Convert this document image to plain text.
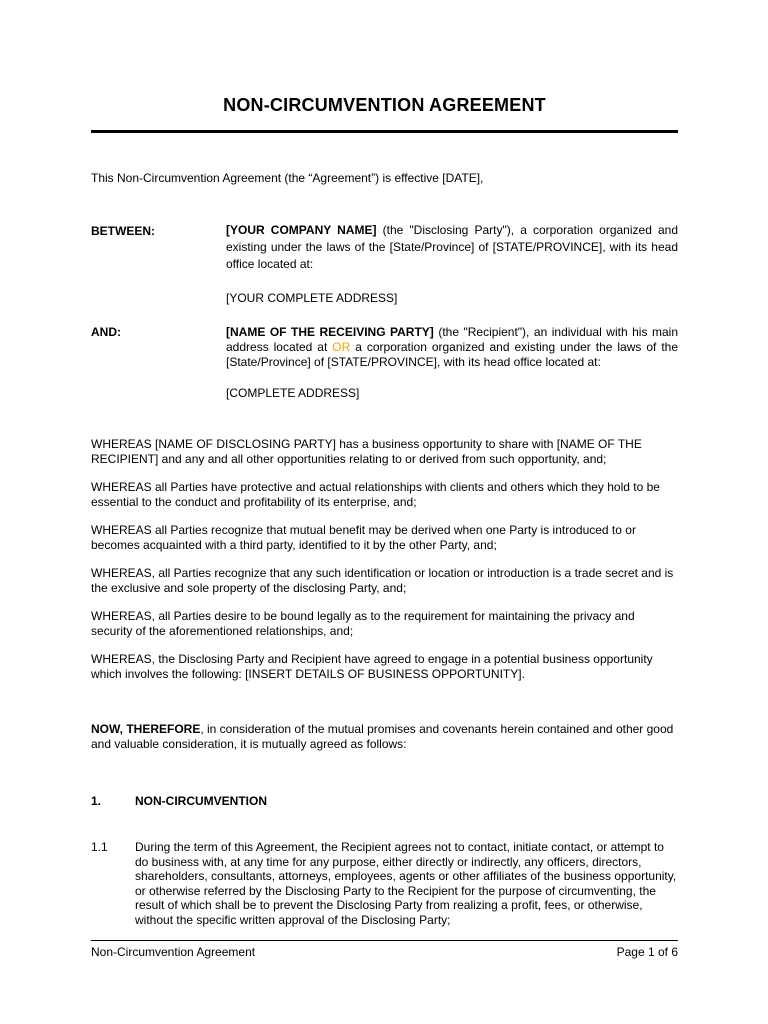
NON-CIRCUMVENTION AGREEMENT
This Non-Circumvention Agreement (the “Agreement”) is effective [DATE],
BETWEEN:	[YOUR COMPANY NAME] (the "Disclosing Party"), a corporation organized and existing under the laws of the [State/Province] of [STATE/PROVINCE], with its head office located at:
[YOUR COMPLETE ADDRESS]
AND:	[NAME OF THE RECEIVING PARTY] (the "Recipient"), an individual with his main address located at OR a corporation organized and existing under the laws of the [State/Province] of [STATE/PROVINCE], with its head office located at:
[COMPLETE ADDRESS]
WHEREAS [NAME OF DISCLOSING PARTY] has a business opportunity to share with [NAME OF THE RECIPIENT] and any and all other opportunities relating to or derived from such opportunity, and;
WHEREAS all Parties have protective and actual relationships with clients and others which they hold to be essential to the conduct and profitability of its enterprise, and;
WHEREAS all Parties recognize that mutual benefit may be derived when one Party is introduced to or becomes acquainted with a third party, identified to it by the other Party, and;
WHEREAS, all Parties recognize that any such identification or location or introduction is a trade secret and is the exclusive and sole property of the disclosing Party, and;
WHEREAS, all Parties desire to be bound legally as to the requirement for maintaining the privacy and security of the aforementioned relationships, and;
WHEREAS, the Disclosing Party and Recipient have agreed to engage in a potential business opportunity which involves the following: [INSERT DETAILS OF BUSINESS OPPORTUNITY].
NOW, THEREFORE, in consideration of the mutual promises and covenants herein contained and other good and valuable consideration, it is mutually agreed as follows:
1.	NON-CIRCUMVENTION
1.1 During the term of this Agreement, the Recipient agrees not to contact, initiate contact, or attempt to do business with, at any time for any purpose, either directly or indirectly, any officers, directors, shareholders, consultants, attorneys, employees, agents or other affiliates of the business opportunity, or otherwise referred by the Disclosing Party to the Recipient for the purpose of circumventing, the result of which shall be to prevent the Disclosing Party from realizing a profit, fees, or otherwise, without the specific written approval of the Disclosing Party;
Non-Circumvention Agreement	Page 1 of 6
